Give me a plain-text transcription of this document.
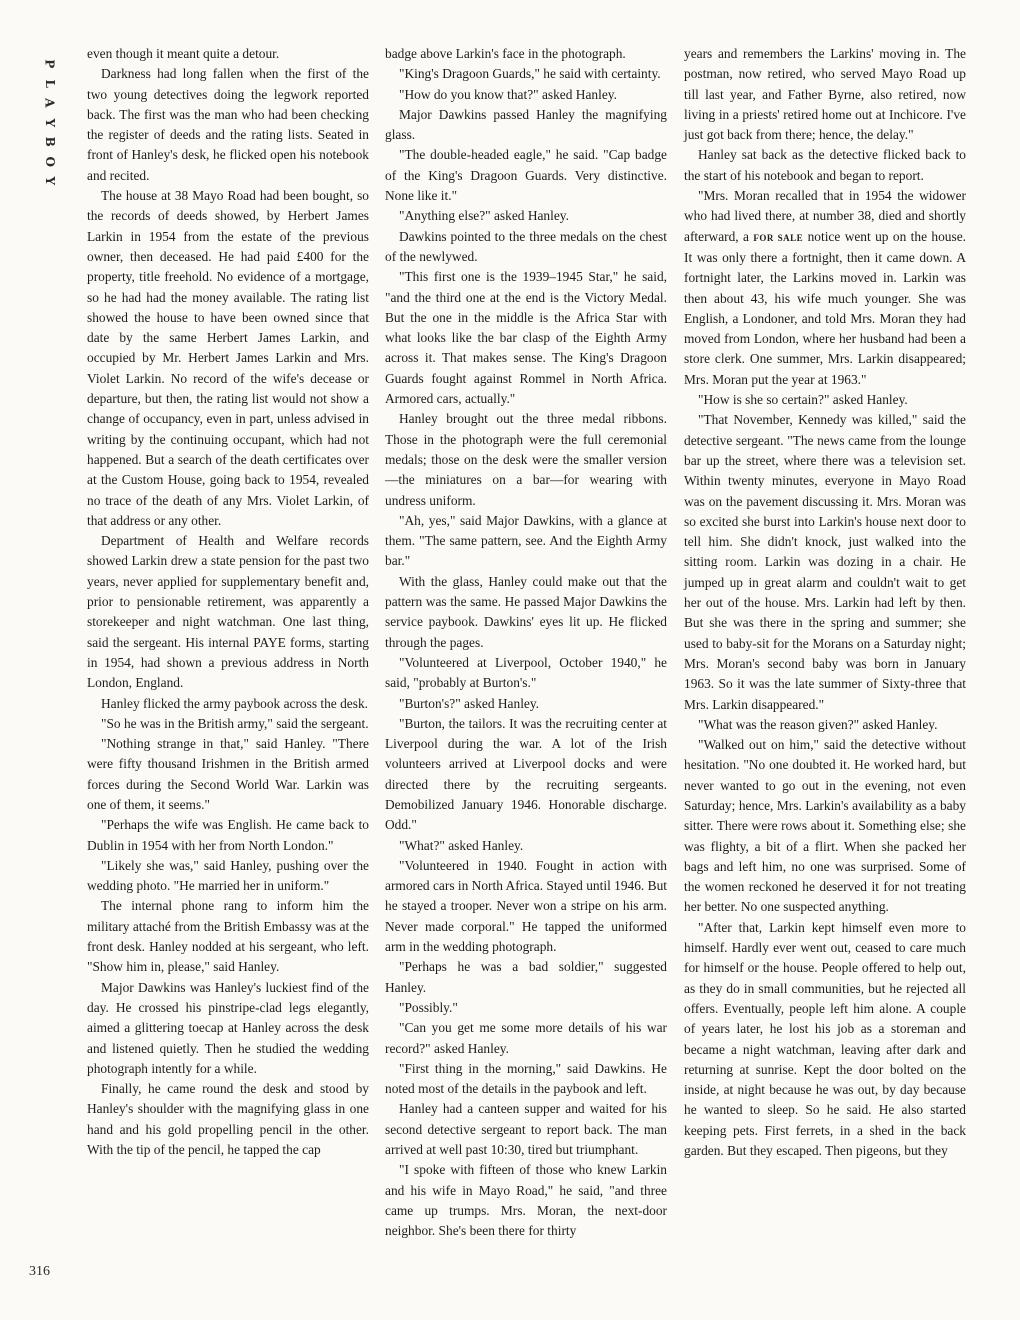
P
L
A
Y
B
O
Y
316

even though it meant quite a detour.

Darkness had long fallen when the first of the two young detectives doing the legwork reported back. The first was the man who had been checking the register of deeds and the rating lists. Seated in front of Hanley's desk, he flicked open his notebook and recited.

The house at 38 Mayo Road had been bought, so the records of deeds showed, by Herbert James Larkin in 1954 from the estate of the previous owner, then deceased. He had paid £400 for the property, title freehold. No evidence of a mortgage, so he had had the money available. The rating list showed the house to have been owned since that date by the same Herbert James Larkin, and occupied by Mr. Herbert James Larkin and Mrs. Violet Larkin. No record of the wife's decease or departure, but then, the rating list would not show a change of occupancy, even in part, unless advised in writing by the continuing occupant, which had not happened. But a search of the death certificates over at the Custom House, going back to 1954, revealed no trace of the death of any Mrs. Violet Larkin, of that address or any other.

Department of Health and Welfare records showed Larkin drew a state pension for the past two years, never applied for supplementary benefit and, prior to pensionable retirement, was apparently a storekeeper and night watchman. One last thing, said the sergeant. His internal PAYE forms, starting in 1954, had shown a previous address in North London, England.

Hanley flicked the army paybook across the desk.

"So he was in the British army," said the sergeant.

"Nothing strange in that," said Hanley. "There were fifty thousand Irishmen in the British armed forces during the Second World War. Larkin was one of them, it seems."

"Perhaps the wife was English. He came back to Dublin in 1954 with her from North London."

"Likely she was," said Hanley, pushing over the wedding photo. "He married her in uniform."

The internal phone rang to inform him the military attaché from the British Embassy was at the front desk. Hanley nodded at his sergeant, who left. "Show him in, please," said Hanley.

Major Dawkins was Hanley's luckiest find of the day. He crossed his pinstripe-clad legs elegantly, aimed a glittering toecap at Hanley across the desk and listened quietly. Then he studied the wedding photograph intently for a while.

Finally, he came round the desk and stood by Hanley's shoulder with the magnifying glass in one hand and his gold propelling pencil in the other. With the tip of the pencil, he tapped the cap

badge above Larkin's face in the photograph.

"King's Dragoon Guards," he said with certainty.

"How do you know that?" asked Hanley.

Major Dawkins passed Hanley the magnifying glass.

"The double-headed eagle," he said. "Cap badge of the King's Dragoon Guards. Very distinctive. None like it."

"Anything else?" asked Hanley.

Dawkins pointed to the three medals on the chest of the newlywed.

"This first one is the 1939–1945 Star," he said, "and the third one at the end is the Victory Medal. But the one in the middle is the Africa Star with what looks like the bar clasp of the Eighth Army across it. That makes sense. The King's Dragoon Guards fought against Rommel in North Africa. Armored cars, actually."

Hanley brought out the three medal ribbons. Those in the photograph were the full ceremonial medals; those on the desk were the smaller version—the miniatures on a bar—for wearing with undress uniform.

"Ah, yes," said Major Dawkins, with a glance at them. "The same pattern, see. And the Eighth Army bar."

With the glass, Hanley could make out that the pattern was the same. He passed Major Dawkins the service paybook. Dawkins' eyes lit up. He flicked through the pages.

"Volunteered at Liverpool, October 1940," he said, "probably at Burton's."

"Burton's?" asked Hanley.

"Burton, the tailors. It was the recruiting center at Liverpool during the war. A lot of the Irish volunteers arrived at Liverpool docks and were directed there by the recruiting sergeants. Demobilized January 1946. Honorable discharge. Odd."

"What?" asked Hanley.

"Volunteered in 1940. Fought in action with armored cars in North Africa. Stayed until 1946. But he stayed a trooper. Never won a stripe on his arm. Never made corporal." He tapped the uniformed arm in the wedding photograph.

"Perhaps he was a bad soldier," suggested Hanley.

"Possibly."

"Can you get me some more details of his war record?" asked Hanley.

"First thing in the morning," said Dawkins. He noted most of the details in the paybook and left.

Hanley had a canteen supper and waited for his second detective sergeant to report back. The man arrived at well past 10:30, tired but triumphant.

"I spoke with fifteen of those who knew Larkin and his wife in Mayo Road," he said, "and three came up trumps. Mrs. Moran, the next-door neighbor. She's been there for thirty

years and remembers the Larkins' moving in. The postman, now retired, who served Mayo Road up till last year, and Father Byrne, also retired, now living in a priests' retired home out at Inchicore. I've just got back from there; hence, the delay."

Hanley sat back as the detective flicked back to the start of his notebook and began to report.

"Mrs. Moran recalled that in 1954 the widower who had lived there, at number 38, died and shortly afterward, a FOR SALE notice went up on the house. It was only there a fortnight, then it came down. A fortnight later, the Larkins moved in. Larkin was then about 43, his wife much younger. She was English, a Londoner, and told Mrs. Moran they had moved from London, where her husband had been a store clerk. One summer, Mrs. Larkin disappeared; Mrs. Moran put the year at 1963."

"How is she so certain?" asked Hanley.

"That November, Kennedy was killed," said the detective sergeant. "The news came from the lounge bar up the street, where there was a television set. Within twenty minutes, everyone in Mayo Road was on the pavement discussing it. Mrs. Moran was so excited she burst into Larkin's house next door to tell him. She didn't knock, just walked into the sitting room. Larkin was dozing in a chair. He jumped up in great alarm and couldn't wait to get her out of the house. Mrs. Larkin had left by then. But she was there in the spring and summer; she used to baby-sit for the Morans on a Saturday night; Mrs. Moran's second baby was born in January 1963. So it was the late summer of Sixty-three that Mrs. Larkin disappeared."

"What was the reason given?" asked Hanley.

"Walked out on him," said the detective without hesitation. "No one doubted it. He worked hard, but never wanted to go out in the evening, not even Saturday; hence, Mrs. Larkin's availability as a baby sitter. There were rows about it. Something else; she was flighty, a bit of a flirt. When she packed her bags and left him, no one was surprised. Some of the women reckoned he deserved it for not treating her better. No one suspected anything.

"After that, Larkin kept himself even more to himself. Hardly ever went out, ceased to care much for himself or the house. People offered to help out, as they do in small communities, but he rejected all offers. Eventually, people left him alone. A couple of years later, he lost his job as a storeman and became a night watchman, leaving after dark and returning at sunrise. Kept the door bolted on the inside, at night because he was out, by day because he wanted to sleep. So he said. He also started keeping pets. First ferrets, in a shed in the back garden. But they escaped. Then pigeons, but they
